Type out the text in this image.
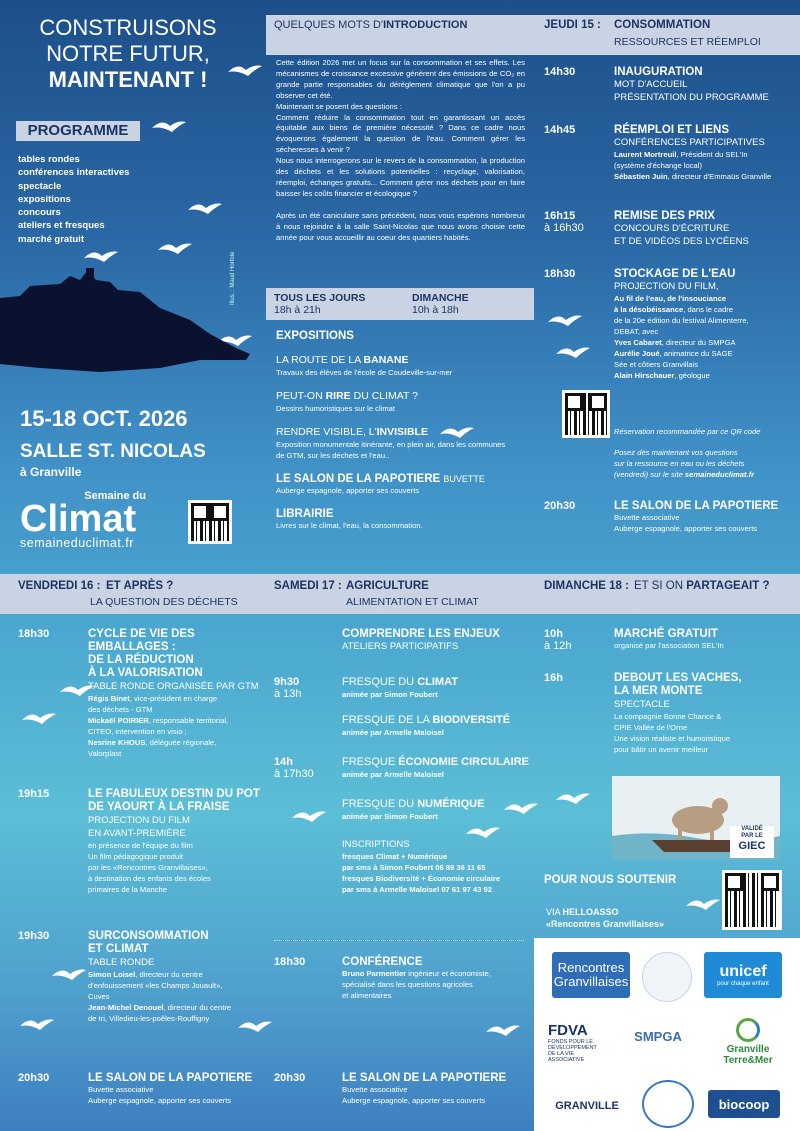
CONSTRUISONS
NOTRE FUTUR,
MAINTENANT !
PROGRAMME
tables rondes
conférences interactives
spectacle
expositions
concours
ateliers et fresques
marché gratuit
Illus. : Maud Hortole
15-18 OCT. 2026
SALLE ST. NICOLAS
à Granville
Semaine du
Climat
semaineduclimat.fr
QUELQUES MOTS D'INTRODUCTION
Cette édition 2026 met un focus sur la consommation et ses effets. Les mécanismes de croissance excessive génèrent des émissions de CO₂ en grande partie responsables du dérèglement climatique que l'on a pu observer cet été.
Maintenant se posent des questions :
Comment réduire la consommation tout en garantissant un accès équitable aux biens de première nécessité ? Dans ce cadre nous évoquerons également la question de l'eau. Comment gérer les sécheresses à venir ?
Nous nous interrogerons sur le revers de la consommation, la production des déchets et les solutions potentielles : recyclage, valorisation, réemploi, échanges gratuits... Comment gérer nos déchets pour en faire baisser les coûts financier et écologique ?
Après un été caniculaire sans précédent, nous vous espérons nombreux à nous rejoindre à la salle Saint-Nicolas que nous avons choisie cette année pour vous accueillir au coeur des quartiers habités.
TOUS LES JOURS
18h à 21h
DIMANCHE
10h à 18h
EXPOSITIONS
LA ROUTE DE LA BANANE
Travaux des élèves de l'école de Coudeville-sur-mer
PEUT-ON RIRE DU CLIMAT ?
Dessins humoristiques sur le climat
RENDRE VISIBLE, L'INVISIBLE
Exposition monumentale itinérante, en plein air, dans les communes de GTM, sur les déchets et l'eau..
LE SALON DE LA PAPOTIERE BUVETTE
Auberge espagnole, apporter ses couverts
LIBRAIRIE
Livres sur le climat, l'eau, la consommation.
JEUDI 15 : CONSOMMATION
RESSOURCES ET RÉEMPLOI
14h30	INAUGURATION
MOT D'ACCUEIL
PRÉSENTATION DU PROGRAMME
14h45	RÉEMPLOI ET LIENS
CONFÉRENCES PARTICIPATIVES
Laurent Mortreuil, Président du SEL'In
(système d'échange local)
Sébastien Juin, directeur d'Emmaüs Granville
16h15
à 16h30
REMISE DES PRIX
CONCOURS D'ÉCRITURE
ET DE VIDÉOS DES LYCÉENS
18h30	STOCKAGE DE L'EAU
PROJECTION DU FILM,
Au fil de l'eau, de l'insouciance
à la désobéissance, dans le cadre
de la 20e édition du festival Alimenterre,
DEBAT, avec
Yves Cabaret, directeur du SMPGA
Aurélie Joué, animatrice du SAGE
Sée et côtiers Granvillais
Alain Hirschauer, géologue
Réservation recommandée par ce QR code
Posez dès maintenant vos questions
sur la ressource en eau ou les déchets
(vendredi) sur le site semaineduclimat.fr
20h30	LE SALON DE LA PAPOTIERE
Buvette associative
Auberge espagnole, apporter ses couverts
VENDREDI 16 : ET APRÈS ?
LA QUESTION DES DÉCHETS
SAMEDI 17 : AGRICULTURE
ALIMENTATION ET CLIMAT
DIMANCHE 18 : ET SI ON PARTAGEAIT ?
18h30	CYCLE DE VIE DES EMBALLAGES :
DE LA RÉDUCTION
À LA VALORISATION
TABLE RONDE ORGANISÉE PAR GTM
Régis Binet, vice-président en charge
des déchets - GTM
Mickaël POIRIER, responsable territorial,
CITEO, intervention en visio ;
Nesrine KHOUS, déléguée régionale,
Valorplast
19h15	LE FABULEUX DESTIN DU POT
DE YAOURT À LA FRAISE
PROJECTION DU FILM
EN AVANT-PREMIÈRE
en présence de l'équipe du film
Un film pédagogique produit
par les «Rencontres Granvillaises»,
à destination des enfants des écoles
primaires de la Manche
19h30	SURCONSOMMATION
ET CLIMAT
TABLE RONDE
Simon Loisel, directeur du centre
d'enfouissement «les Champs Jouault»,
Cuves
Jean-Michel Denouel, directeur du centre
de tri, Villedieu-les-poêles-Rouffigny
20h30	LE SALON DE LA PAPOTIERE
Buvette associative
Auberge espagnole, apporter ses couverts
COMPRENDRE LES ENJEUX
ATELIERS PARTICIPATIFS
9h30
à 13h
FRESQUE DU CLIMAT
animée par Simon Foubert
FRESQUE DE LA BIODIVERSITÉ
animée par Armelle Maloisel
14h
à 17h30
FRESQUE ÉCONOMIE CIRCULAIRE
animée par Armelle Maloisel
FRESQUE DU NUMÉRIQUE
animée par Simon Foubert
INSCRIPTIONS
fresques Climat + Numérique
par sms à Simon Foubert 06 89 36 11 65
fresques Biodiversité + Économie circulaire
par sms à Armelle Maloisel 07 61 97 43 92
18h30	CONFÉRENCE
Bruno Parmentier ingénieur et économiste,
spécialisé dans les questions agricoles
et alimentaires
20h30	LE SALON DE LA PAPOTIERE
Buvette associative
Auberge espagnole, apporter ses couverts
10h
à 12h
MARCHÉ GRATUIT
organisé par l'association SEL'In
16h	DEBOUT LES VACHES,
LA MER MONTE
SPECTACLE
La compagnie Bonne Chance &
CPIE Vallée de l'Orne
Une vision réaliste et humoristique
pour bâtir un avenir meilleur
VALIDÉ
PAR LE
GIEC
POUR NOUS SOUTENIR
VIA HELLOASSO
«Rencontres Granvillaises»
Rencontres
Granvillaises
unicef
pour chaque enfant
FDVA
FONDS POUR LE
DÉVELOPPEMENT
DE LA VIE
ASSOCIATIVE
SMPGA
Granville
Terre&Mer
GRANVILLE	biocoop
